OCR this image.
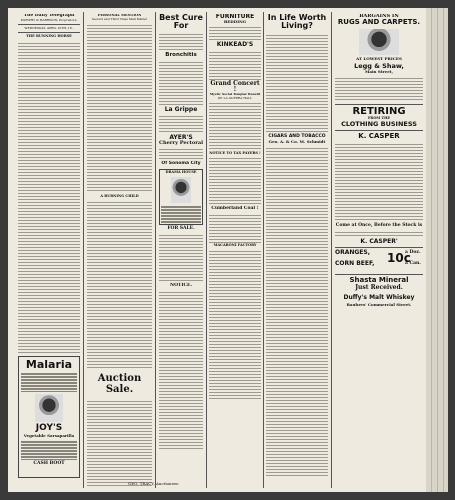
The Daily Telegraph
MURPHY & HARRISON, Proprietors.
WEDNESDAY, APRIL 10TH, 18..
THE RUNNING HORSE
Malaria
JOY'S
Vegetable Sarsaparilla
CASH BOOT
PERSONAL MENTION
Second and Third Class Mail Matter
A BURNING CHILD
Auction Sale.
Best Cure For
Bronchitis
La Grippe
AYER'S
Cherry Pectoral
Of Sonoma City
DRAMA HOUSE
FOR SALE.
NOTICE.
FURNITURE
BEDDING
KINKEAD'S
Grand Concert !
Mystic Social Templar Benefit
DE LA GUERRA HALL
NOTICE TO TAX PAYERS !
Cumberland Coal !
MACARONI FACTORY
In Life Worth Living?
CIGARS AND TOBACCO
Geo. A. & Co. M. Schmidt
BARGAINS IN
RUGS AND CARPETS.
AT LOWEST PRICES
Legg & Shaw,
Main Street,
RETIRING
FROM THE
CLOTHING BUSINESS
K. CASPER
Come at Once, Before the Stock is
K. CASPER'
ORANGES,
CORN BEEF, 10c
a Doz.
a Can.
Shasta Mineral
Just Received.
Duffy's Malt Whiskey
Bauhres' Commercial Street.
GEO. TRACY, Auctioneer.
